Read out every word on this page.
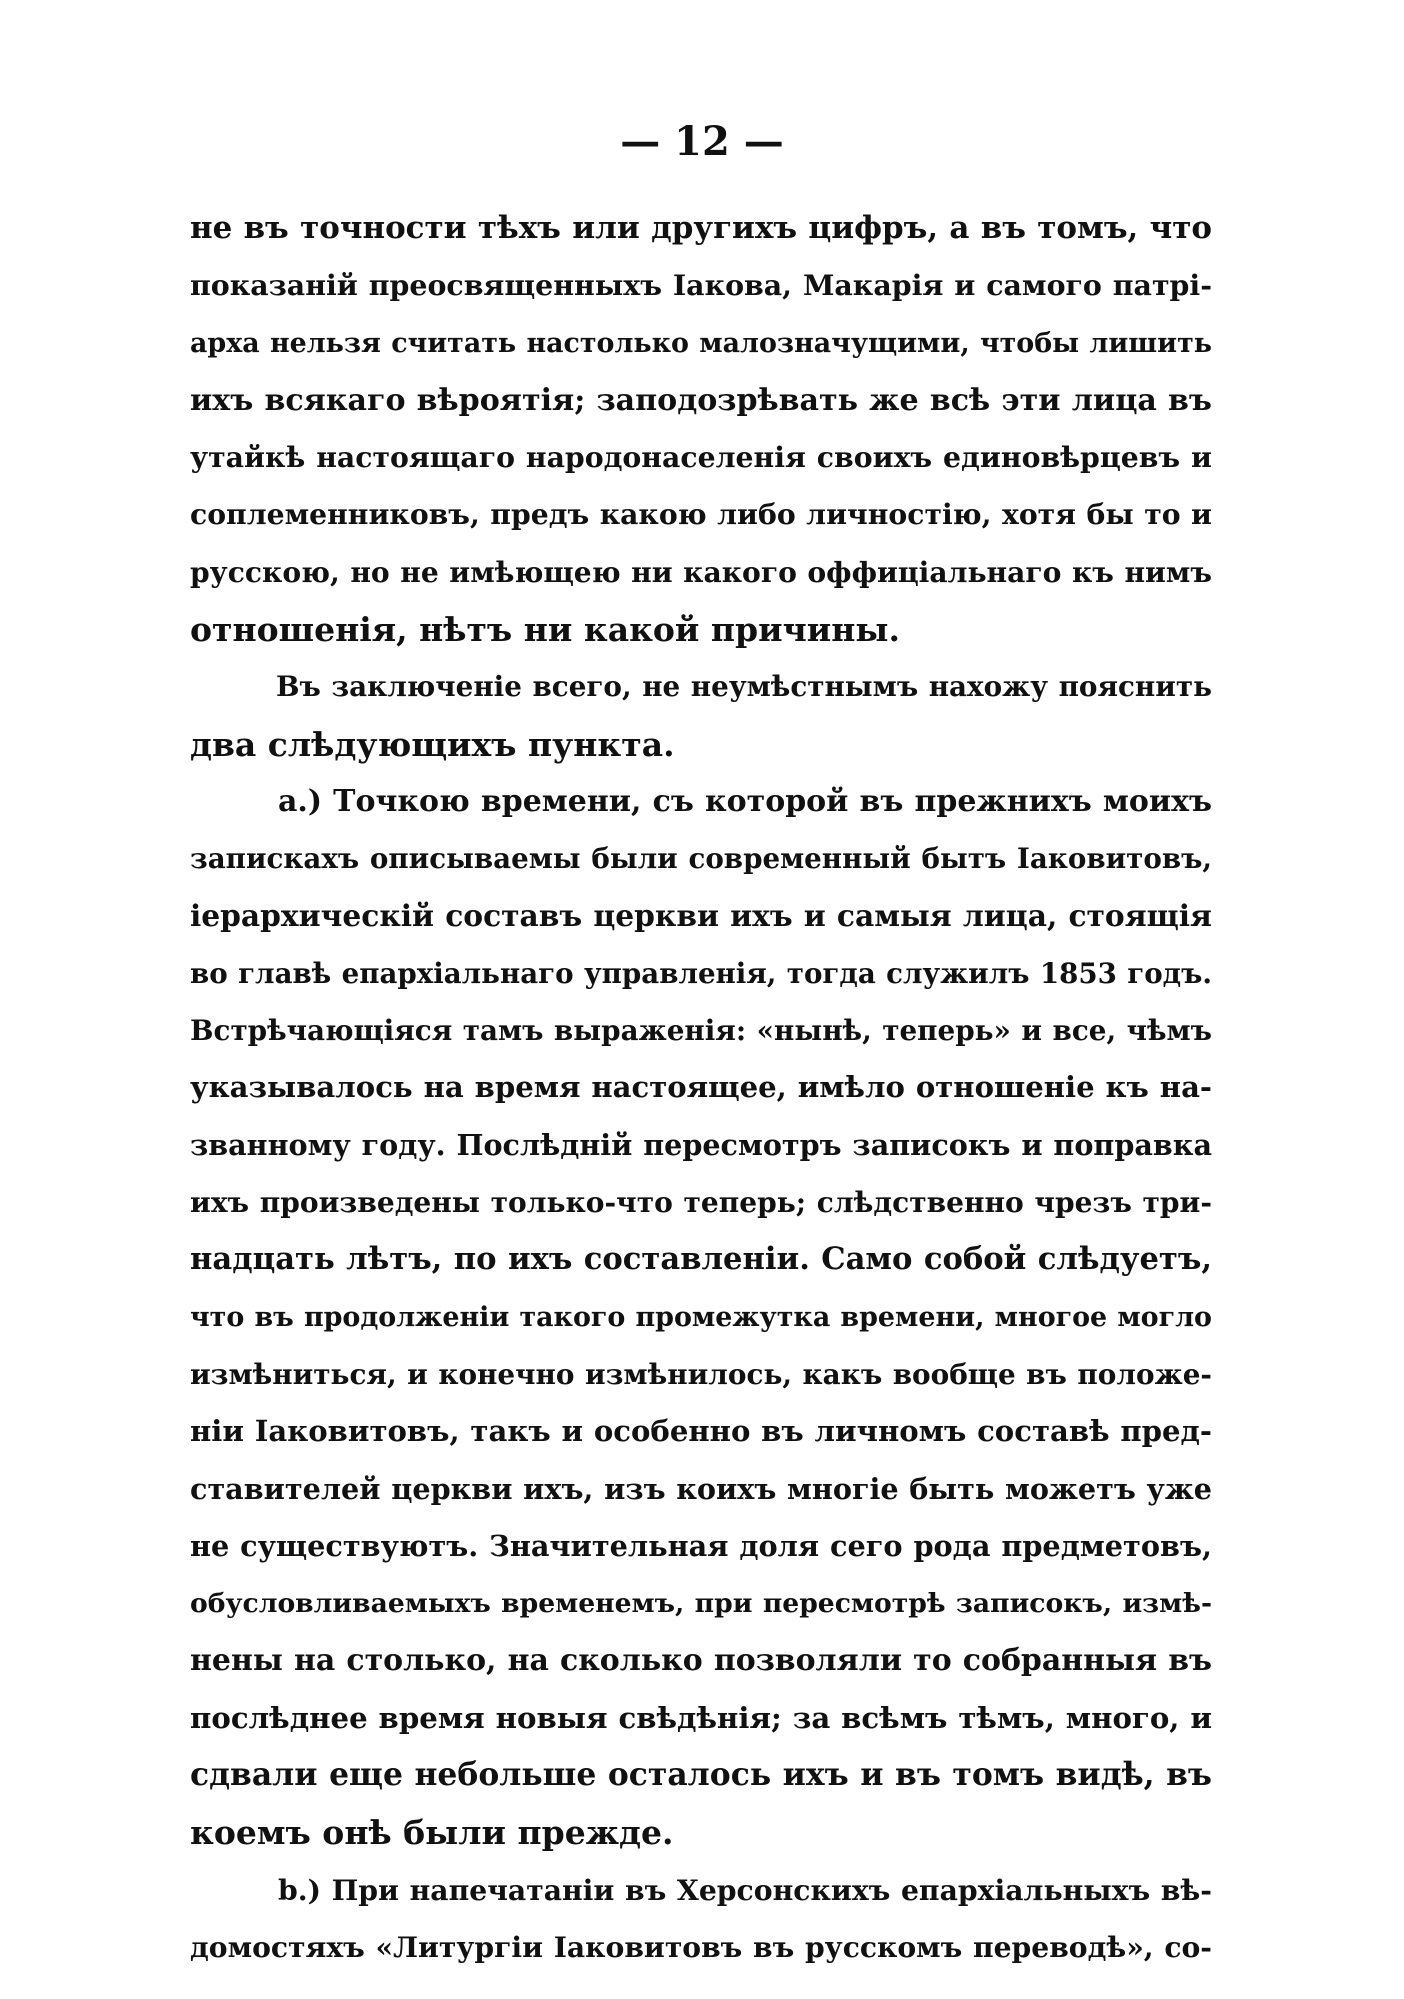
— 12 —
не въ точности тѣхъ или другихъ цифръ, а въ томъ, что
показаній преосвященныхъ Іакова, Макарія и самого патрі-
арха нельзя считать настолько малозначущими, чтобы лишить
ихъ всякаго вѣроятія; заподозрѣвать же всѣ эти лица въ
утайкѣ настоящаго народонаселенія своихъ единовѣрцевъ и
соплеменниковъ, предъ какою либо личностію, хотя бы то и
русскою, но не имѣющею ни какого оффиціальнаго къ нимъ
отношенія, нѣтъ ни какой причины.
Въ заключеніе всего, не неумѣстнымъ нахожу пояснить
два слѣдующихъ пункта.
а.) Точкою времени, съ которой въ прежнихъ моихъ
запискахъ описываемы были современный бытъ Іаковитовъ,
іерархическій составъ церкви ихъ и самыя лица, стоящія
во главѣ епархіальнаго управленія, тогда служилъ 1853 годъ.
Встрѣчающіяся тамъ выраженія: «нынѣ, теперь» и все, чѣмъ
указывалось на время настоящее, имѣло отношеніе къ на-
званному году. Послѣдній пересмотръ записокъ и поправка
ихъ произведены только-что теперь; слѣдственно чрезъ три-
надцать лѣтъ, по ихъ составленіи. Само собой слѣдуетъ,
что въ продолженіи такого промежутка времени, многое могло
измѣниться, и конечно измѣнилось, какъ вообще въ положе-
ніи Іаковитовъ, такъ и особенно въ личномъ составѣ пред-
ставителей церкви ихъ, изъ коихъ многіе быть можетъ уже
не существуютъ. Значительная доля сего рода предметовъ,
обусловливаемыхъ временемъ, при пересмотрѣ записокъ, измѣ-
нены на столько, на сколько позволяли то собранныя въ
послѣднее время новыя свѣдѣнія; за всѣмъ тѣмъ, много, и
сдвали еще небольше осталось ихъ и въ томъ видѣ, въ
коемъ онѣ были прежде.
b.) При напечатаніи въ Херсонскихъ епархіальныхъ вѣ-
домостяхъ «Литургіи Іаковитовъ въ русскомъ переводѣ», со-
